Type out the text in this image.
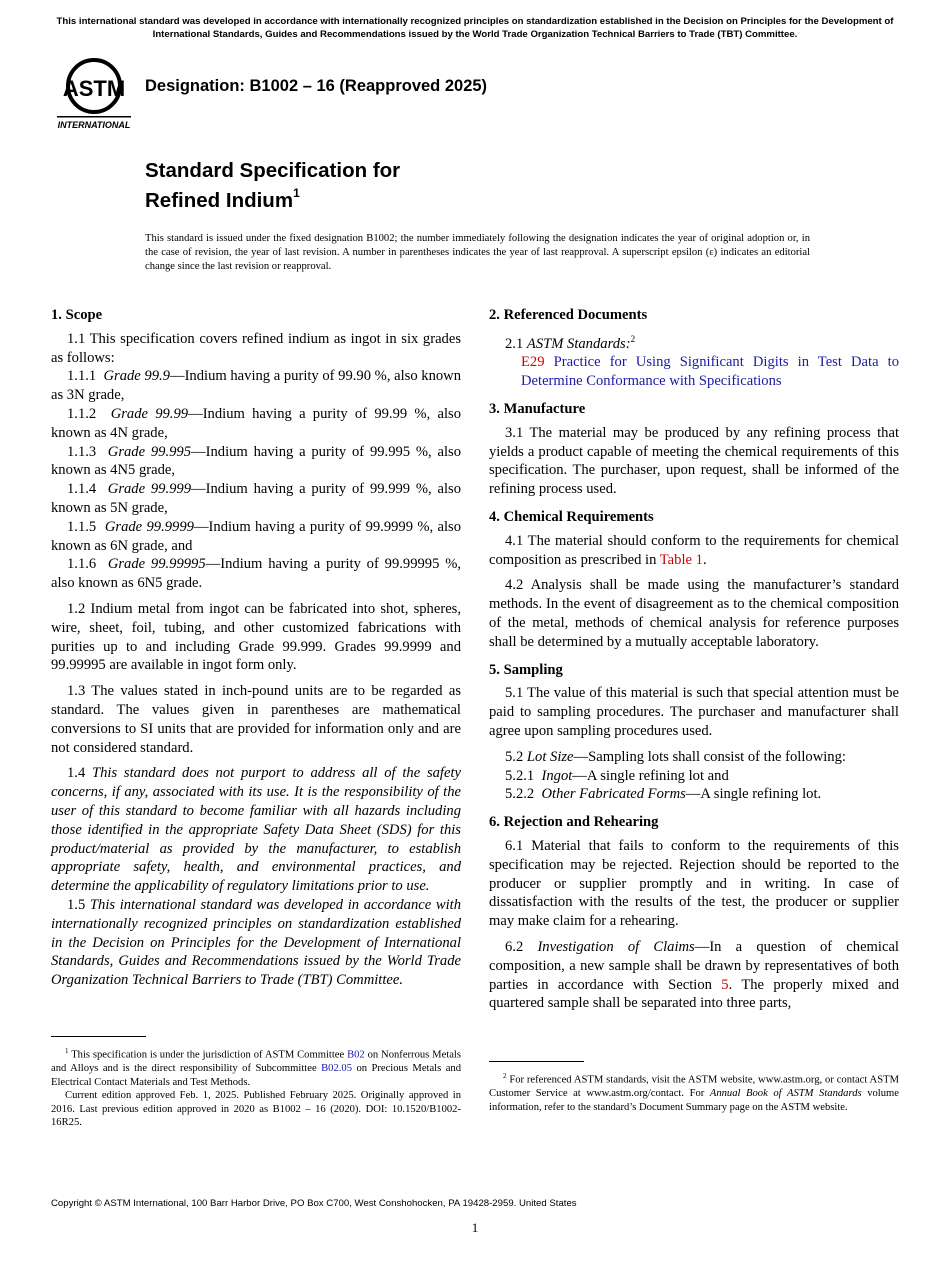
This international standard was developed in accordance with internationally recognized principles on standardization established in the Decision on Principles for the Development of International Standards, Guides and Recommendations issued by the World Trade Organization Technical Barriers to Trade (TBT) Committee.
ASTM
INTERNATIONAL
Designation: B1002 – 16 (Reapproved 2025)
Standard Specification for
Refined Indium$^1$
This standard is issued under the fixed designation B1002; the number immediately following the designation indicates the year of original adoption or, in the case of revision, the year of last revision. A number in parentheses indicates the year of last reapproval. A superscript epsilon (ε) indicates an editorial change since the last revision or reapproval.
1. Scope

1.1 This specification covers refined indium as ingot in six grades as follows:

1.1.1 Grade 99.9—Indium having a purity of 99.90 %, also known as 3N grade,

1.1.2 Grade 99.99—Indium having a purity of 99.99 %, also known as 4N grade,

1.1.3 Grade 99.995—Indium having a purity of 99.995 %, also known as 4N5 grade,

1.1.4 Grade 99.999—Indium having a purity of 99.999 %, also known as 5N grade,

1.1.5 Grade 99.9999—Indium having a purity of 99.9999 %, also known as 6N grade, and

1.1.6 Grade 99.99995—Indium having a purity of 99.99995 %, also known as 6N5 grade.

1.2 Indium metal from ingot can be fabricated into shot, spheres, wire, sheet, foil, tubing, and other customized fabrications with purities up to and including Grade 99.999. Grades 99.9999 and 99.99995 are available in ingot form only.

1.3 The values stated in inch-pound units are to be regarded as standard. The values given in parentheses are mathematical conversions to SI units that are provided for information only and are not considered standard.

1.4 This standard does not purport to address all of the safety concerns, if any, associated with its use. It is the responsibility of the user of this standard to become familiar with all hazards including those identified in the appropriate Safety Data Sheet (SDS) for this product/material as provided by the manufacturer, to establish appropriate safety, health, and environmental practices, and determine the applicability of regulatory limitations prior to use.

1.5 This international standard was developed in accordance with internationally recognized principles on standardization established in the Decision on Principles for the Development of International Standards, Guides and Recommendations issued by the World Trade Organization Technical Barriers to Trade (TBT) Committee.

2. Referenced Documents

2.1 ASTM Standards:$^2$

E29 Practice for Using Significant Digits in Test Data to Determine Conformance with Specifications

3. Manufacture

3.1 The material may be produced by any refining process that yields a product capable of meeting the chemical requirements of this specification. The purchaser, upon request, shall be informed of the refining process used.

4. Chemical Requirements

4.1 The material should conform to the requirements for chemical composition as prescribed in Table 1.

4.2 Analysis shall be made using the manufacturer’s standard methods. In the event of disagreement as to the chemical composition of the metal, methods of chemical analysis for reference purposes shall be determined by a mutually acceptable laboratory.

5. Sampling

5.1 The value of this material is such that special attention must be paid to sampling procedures. The purchaser and manufacturer shall agree upon sampling procedures used.

5.2 Lot Size—Sampling lots shall consist of the following:

5.2.1 Ingot—A single refining lot and

5.2.2 Other Fabricated Forms—A single refining lot.

6. Rejection and Rehearing

6.1 Material that fails to conform to the requirements of this specification may be rejected. Rejection should be reported to the producer or supplier promptly and in writing. In case of dissatisfaction with the results of the test, the producer or supplier may make claim for a rehearing.

6.2 Investigation of Claims—In a question of chemical composition, a new sample shall be drawn by representatives of both parties in accordance with Section 5. The properly mixed and quartered sample shall be separated into three parts,

$^1$ This specification is under the jurisdiction of ASTM Committee B02 on Nonferrous Metals and Alloys and is the direct responsibility of Subcommittee B02.05 on Precious Metals and Electrical Contact Materials and Test Methods.

Current edition approved Feb. 1, 2025. Published February 2025. Originally approved in 2016. Last previous edition approved in 2020 as B1002 – 16 (2020). DOI: 10.1520/B1002-16R25.

$^2$ For referenced ASTM standards, visit the ASTM website, www.astm.org, or contact ASTM Customer Service at www.astm.org/contact. For Annual Book of ASTM Standards volume information, refer to the standard’s Document Summary page on the ASTM website.

Copyright © ASTM International, 100 Barr Harbor Drive, PO Box C700, West Conshohocken, PA 19428-2959. United States
1
